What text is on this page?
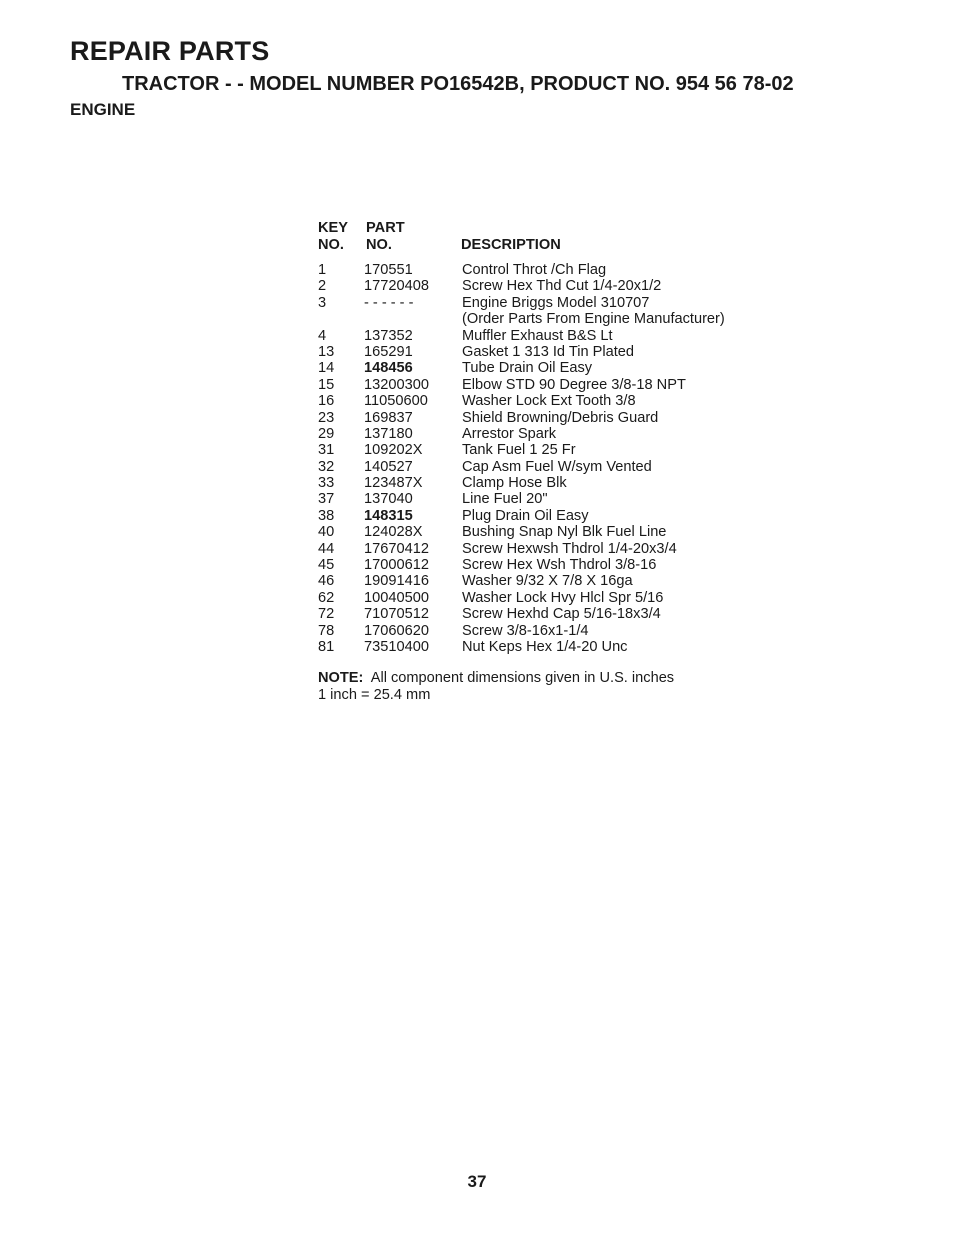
REPAIR PARTS
TRACTOR - - MODEL NUMBER PO16542B, PRODUCT NO. 954 56 78-02
ENGINE
KEY PART
NO. NO.	DESCRIPTION
1	170551	Control Throt /Ch Flag
2	17720408 Screw Hex Thd Cut 1/4-20x1/2
3	- - - - - -	Engine Briggs Model 310707
(Order Parts From Engine Manufacturer)
4	137352	Muffler Exhaust B&S Lt
13 165291	Gasket 1 313 Id Tin Plated
14 148456	Tube Drain Oil Easy
15 13200300 Elbow STD 90 Degree 3/8-18 NPT
16 11050600 Washer Lock Ext Tooth 3/8
23 169837	Shield Browning/Debris Guard
29 137180	Arrestor Spark
31 109202X	Tank Fuel 1 25 Fr
32 140527	Cap Asm Fuel W/sym Vented
33 123487X	Clamp Hose Blk
37 137040	Line Fuel 20"
38 148315	Plug Drain Oil Easy
40 124028X	Bushing Snap Nyl Blk Fuel Line
44 17670412 Screw Hexwsh Thdrol 1/4-20x3/4
45 17000612 Screw Hex Wsh Thdrol 3/8-16
46 19091416 Washer 9/32 X 7/8 X 16ga
62 10040500 Washer Lock Hvy Hlcl Spr 5/16
72 71070512 Screw Hexhd Cap 5/16-18x3/4
78 17060620 Screw 3/8-16x1-1/4
81 73510400 Nut Keps Hex 1/4-20 Unc
NOTE: All component dimensions given in U.S. inches
1 inch = 25.4 mm
37
